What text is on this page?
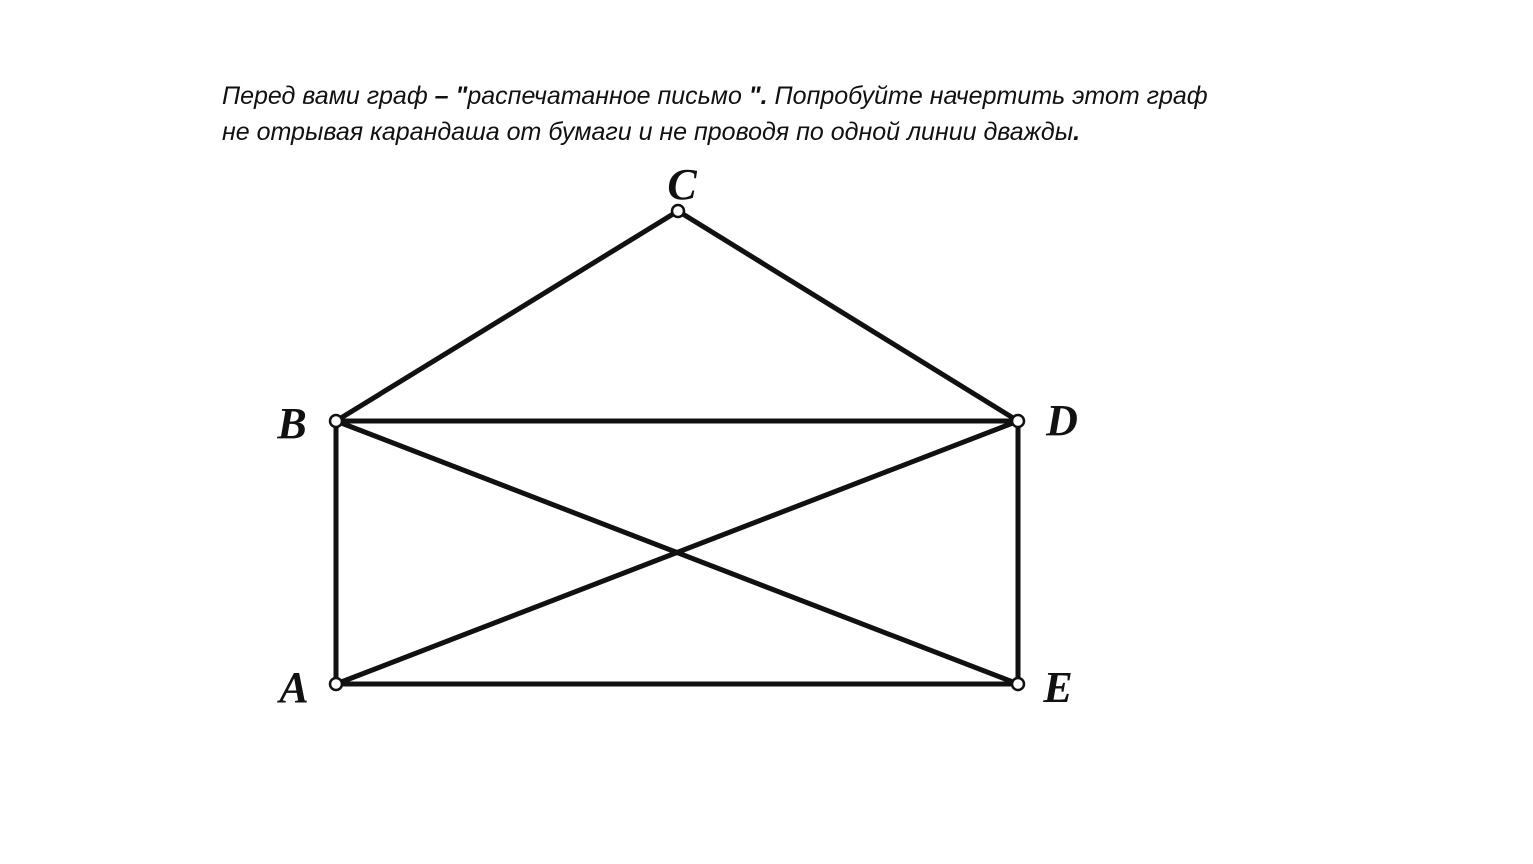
Перед вами граф – "распечатанное письмо ". Попробуйте начертить этот граф
не отрывая карандаша от бумаги и не проводя по одной линии дважды.
A
B
C
D
E
